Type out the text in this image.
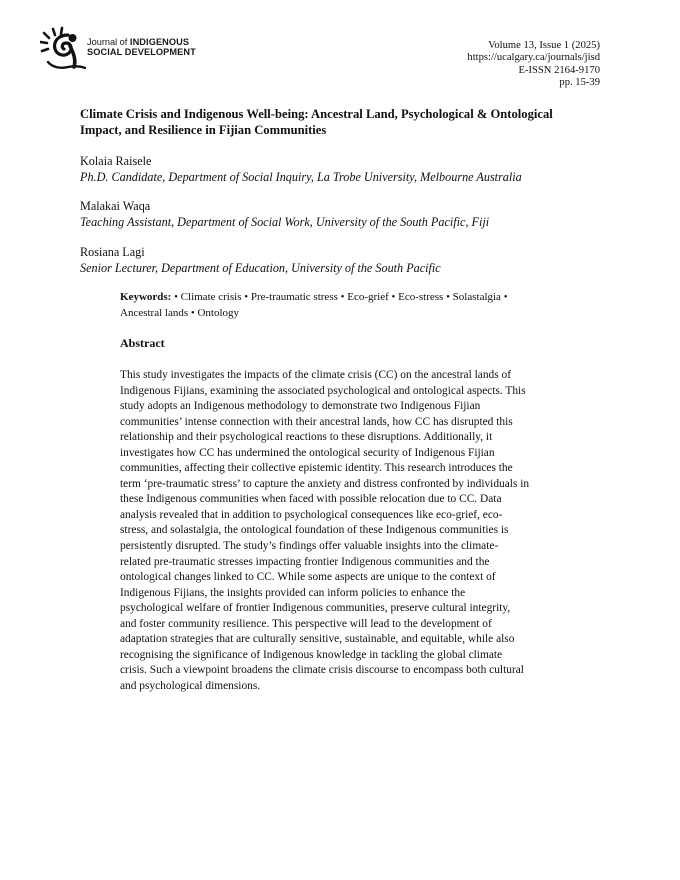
Journal of INDIGENOUS
SOCIAL DEVELOPMENT
Volume 13, Issue 1 (2025)
https://ucalgary.ca/journals/jisd
E-ISSN 2164-9170
pp. 15-39
Climate Crisis and Indigenous Well-being: Ancestral Land, Psychological & Ontological
Impact, and Resilience in Fijian Communities
Kolaia Raisele
Ph.D. Candidate, Department of Social Inquiry, La Trobe University, Melbourne Australia
Malakai Waqa
Teaching Assistant, Department of Social Work, University of the South Pacific, Fiji
Rosiana Lagi
Senior Lecturer, Department of Education, University of the South Pacific
Keywords: • Climate crisis • Pre-traumatic stress • Eco-grief • Eco-stress • Solastalgia •
Ancestral lands • Ontology
Abstract

This study investigates the impacts of the climate crisis (CC) on the ancestral lands of
Indigenous Fijians, examining the associated psychological and ontological aspects. This
study adopts an Indigenous methodology to demonstrate two Indigenous Fijian
communities’ intense connection with their ancestral lands, how CC has disrupted this
relationship and their psychological reactions to these disruptions. Additionally, it
investigates how CC has undermined the ontological security of Indigenous Fijian
communities, affecting their collective epistemic identity. This research introduces the
term ‘pre-traumatic stress’ to capture the anxiety and distress confronted by individuals in
these Indigenous communities when faced with possible relocation due to CC. Data
analysis revealed that in addition to psychological consequences like eco-grief, eco-
stress, and solastalgia, the ontological foundation of these Indigenous communities is
persistently disrupted. The study’s findings offer valuable insights into the climate-
related pre-traumatic stresses impacting frontier Indigenous communities and the
ontological changes linked to CC. While some aspects are unique to the context of
Indigenous Fijians, the insights provided can inform policies to enhance the
psychological welfare of frontier Indigenous communities, preserve cultural integrity,
and foster community resilience. This perspective will lead to the development of
adaptation strategies that are culturally sensitive, sustainable, and equitable, while also
recognising the significance of Indigenous knowledge in tackling the global climate
crisis. Such a viewpoint broadens the climate crisis discourse to encompass both cultural
and psychological dimensions.
